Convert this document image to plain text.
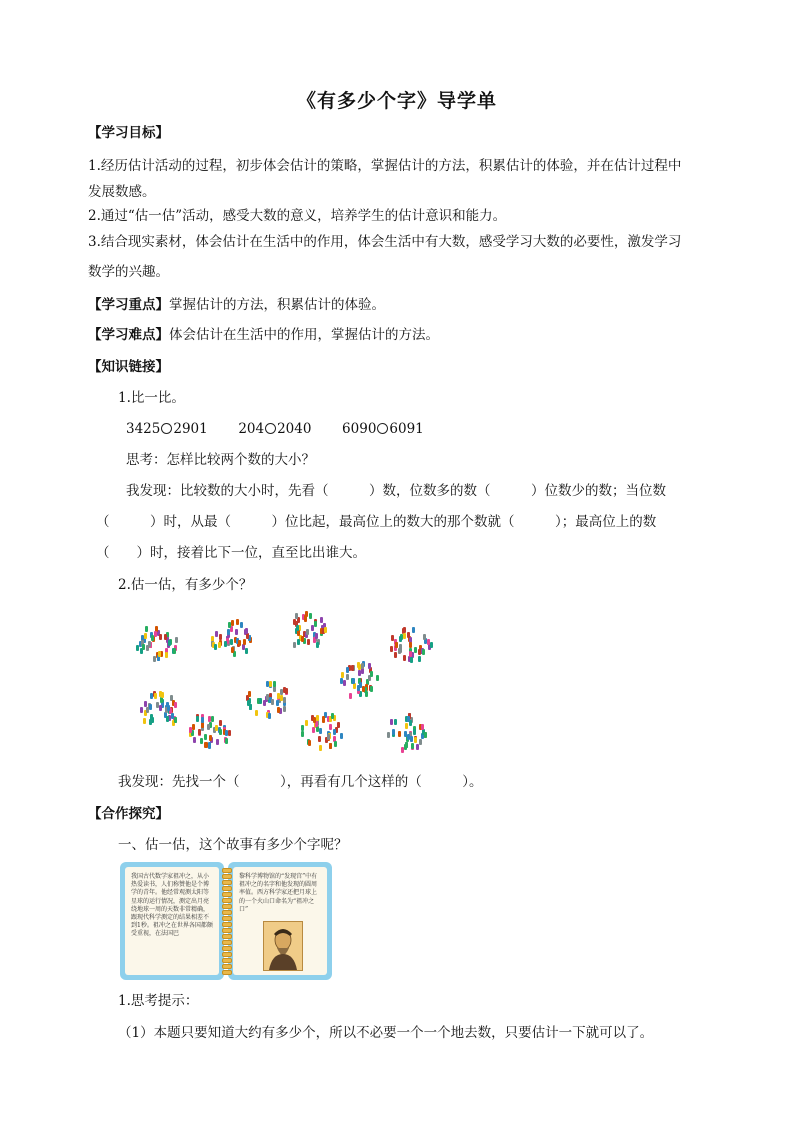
《有多少个字》导学单
【学习目标】
1.经历估计活动的过程，初步体会估计的策略，掌握估计的方法，积累估计的体验，并在估计过程中
发展数感。
2.通过“估一估”活动，感受大数的意义，培养学生的估计意识和能力。
3.结合现实素材，体会估计在生活中的作用，体会生活中有大数，感受学习大数的必要性，激发学习
数学的兴趣。
【学习重点】掌握估计的方法，积累估计的体验。
【学习难点】体会估计在生活中的作用，掌握估计的方法。
【知识链接】
1.比一比。
3425 2901 204 2040 6090 6091
思考：怎样比较两个数的大小？
我发现：比较数的大小时，先看（　　　）数，位数多的数（　　　）位数少的数；当位数
（　　　）时，从最（　　　）位比起，最高位上的数大的那个数就（　　　）；最高位上的数
（　　）时，接着比下一位，直至比出谁大。
2.估一估，有多少个？
我发现：先找一个（　　　），再看有几个这样的（　　　）。
【合作探究】
一、估一估，这个故事有多少个字呢？
我国古代数学家祖冲之，从小热爱读书，人们称赞他是个博学的青年。他经常观测太阳等星球的运行情况，测定出月亮绕地球一周的天数非常精确，跟现代科学测定的结果相差不到1秒。祖冲之在世界各国都颇受重视，在法国巴
黎科学博物馆的“发现宫”中有祖冲之的名字和他发现的圆周率值。西方科学家还把月球上的一个火山口命名为“祖冲之口”
1.思考提示：
（1）本题只要知道大约有多少个，所以不必要一个一个地去数，只要估计一下就可以了。
